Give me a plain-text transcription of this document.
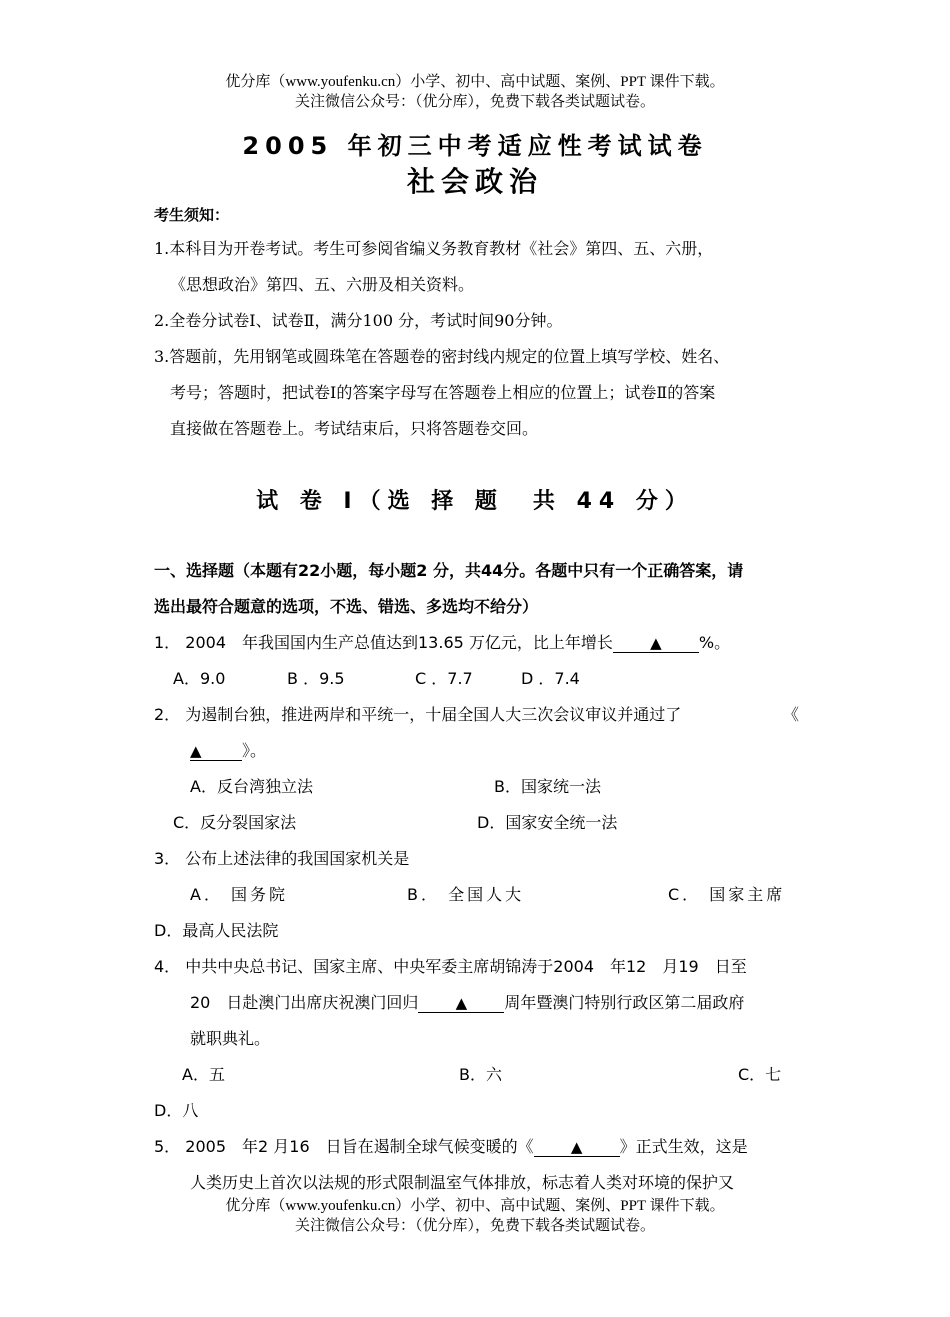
优分库（www.youfenku.cn）小学、初中、高中试题、案例、PPT 课件下载。
关注微信公众号：（优分库），免费下载各类试题试卷。
2005 年初三中考适应性考试试卷
社会政治
考生须知：
1.本科目为开卷考试。考生可参阅省编义务教育教材《社会》第四、五、六册，
《思想政治》第四、五、六册及相关资料。
2.全卷分试卷Ⅰ、试卷Ⅱ，满分100 分，考试时间90分钟。
3.答题前，先用钢笔或圆珠笔在答题卷的密封线内规定的位置上填写学校、姓名、
考号；答题时，把试卷Ⅰ的答案字母写在答题卷上相应的位置上；试卷Ⅱ的答案
直接做在答题卷上。考试结束后，只将答题卷交回。
试 卷 Ⅰ（选 择 题　共 44 分）
一、选择题（本题有22小题，每小题2 分，共44分。各题中只有一个正确答案，请
选出最符合题意的选项，不选、错选、多选均不给分）
1． 2004　年我国国内生产总值达到13.65 万亿元，比上年增长 ▲ %。
A．9.0	B ．9.5	C ．7.7	D ．7.4
2． 为遏制台独，推进两岸和平统一，十届全国人大三次会议审议并通过了	《
▲	》。
A．反台湾独立法	B．国家统一法
C．反分裂国家法	D．国家安全统一法
3． 公布上述法律的我国国家机关是
A． 国务院	B． 全国人大	C． 国家主席
D．最高人民法院
4． 中共中央总书记、国家主席、中央军委主席胡锦涛于2004　年12　月19　日至
20　日赴澳门出席庆祝澳门回归 ▲ 周年暨澳门特别行政区第二届政府
就职典礼。
A．五	B．六	C．七
D．八
5． 2005　年2 月16　日旨在遏制全球气候变暖的《 ▲ 》正式生效，这是
人类历史上首次以法规的形式限制温室气体排放，标志着人类对环境的保护又
优分库（www.youfenku.cn）小学、初中、高中试题、案例、PPT 课件下载。
关注微信公众号：（优分库），免费下载各类试题试卷。
